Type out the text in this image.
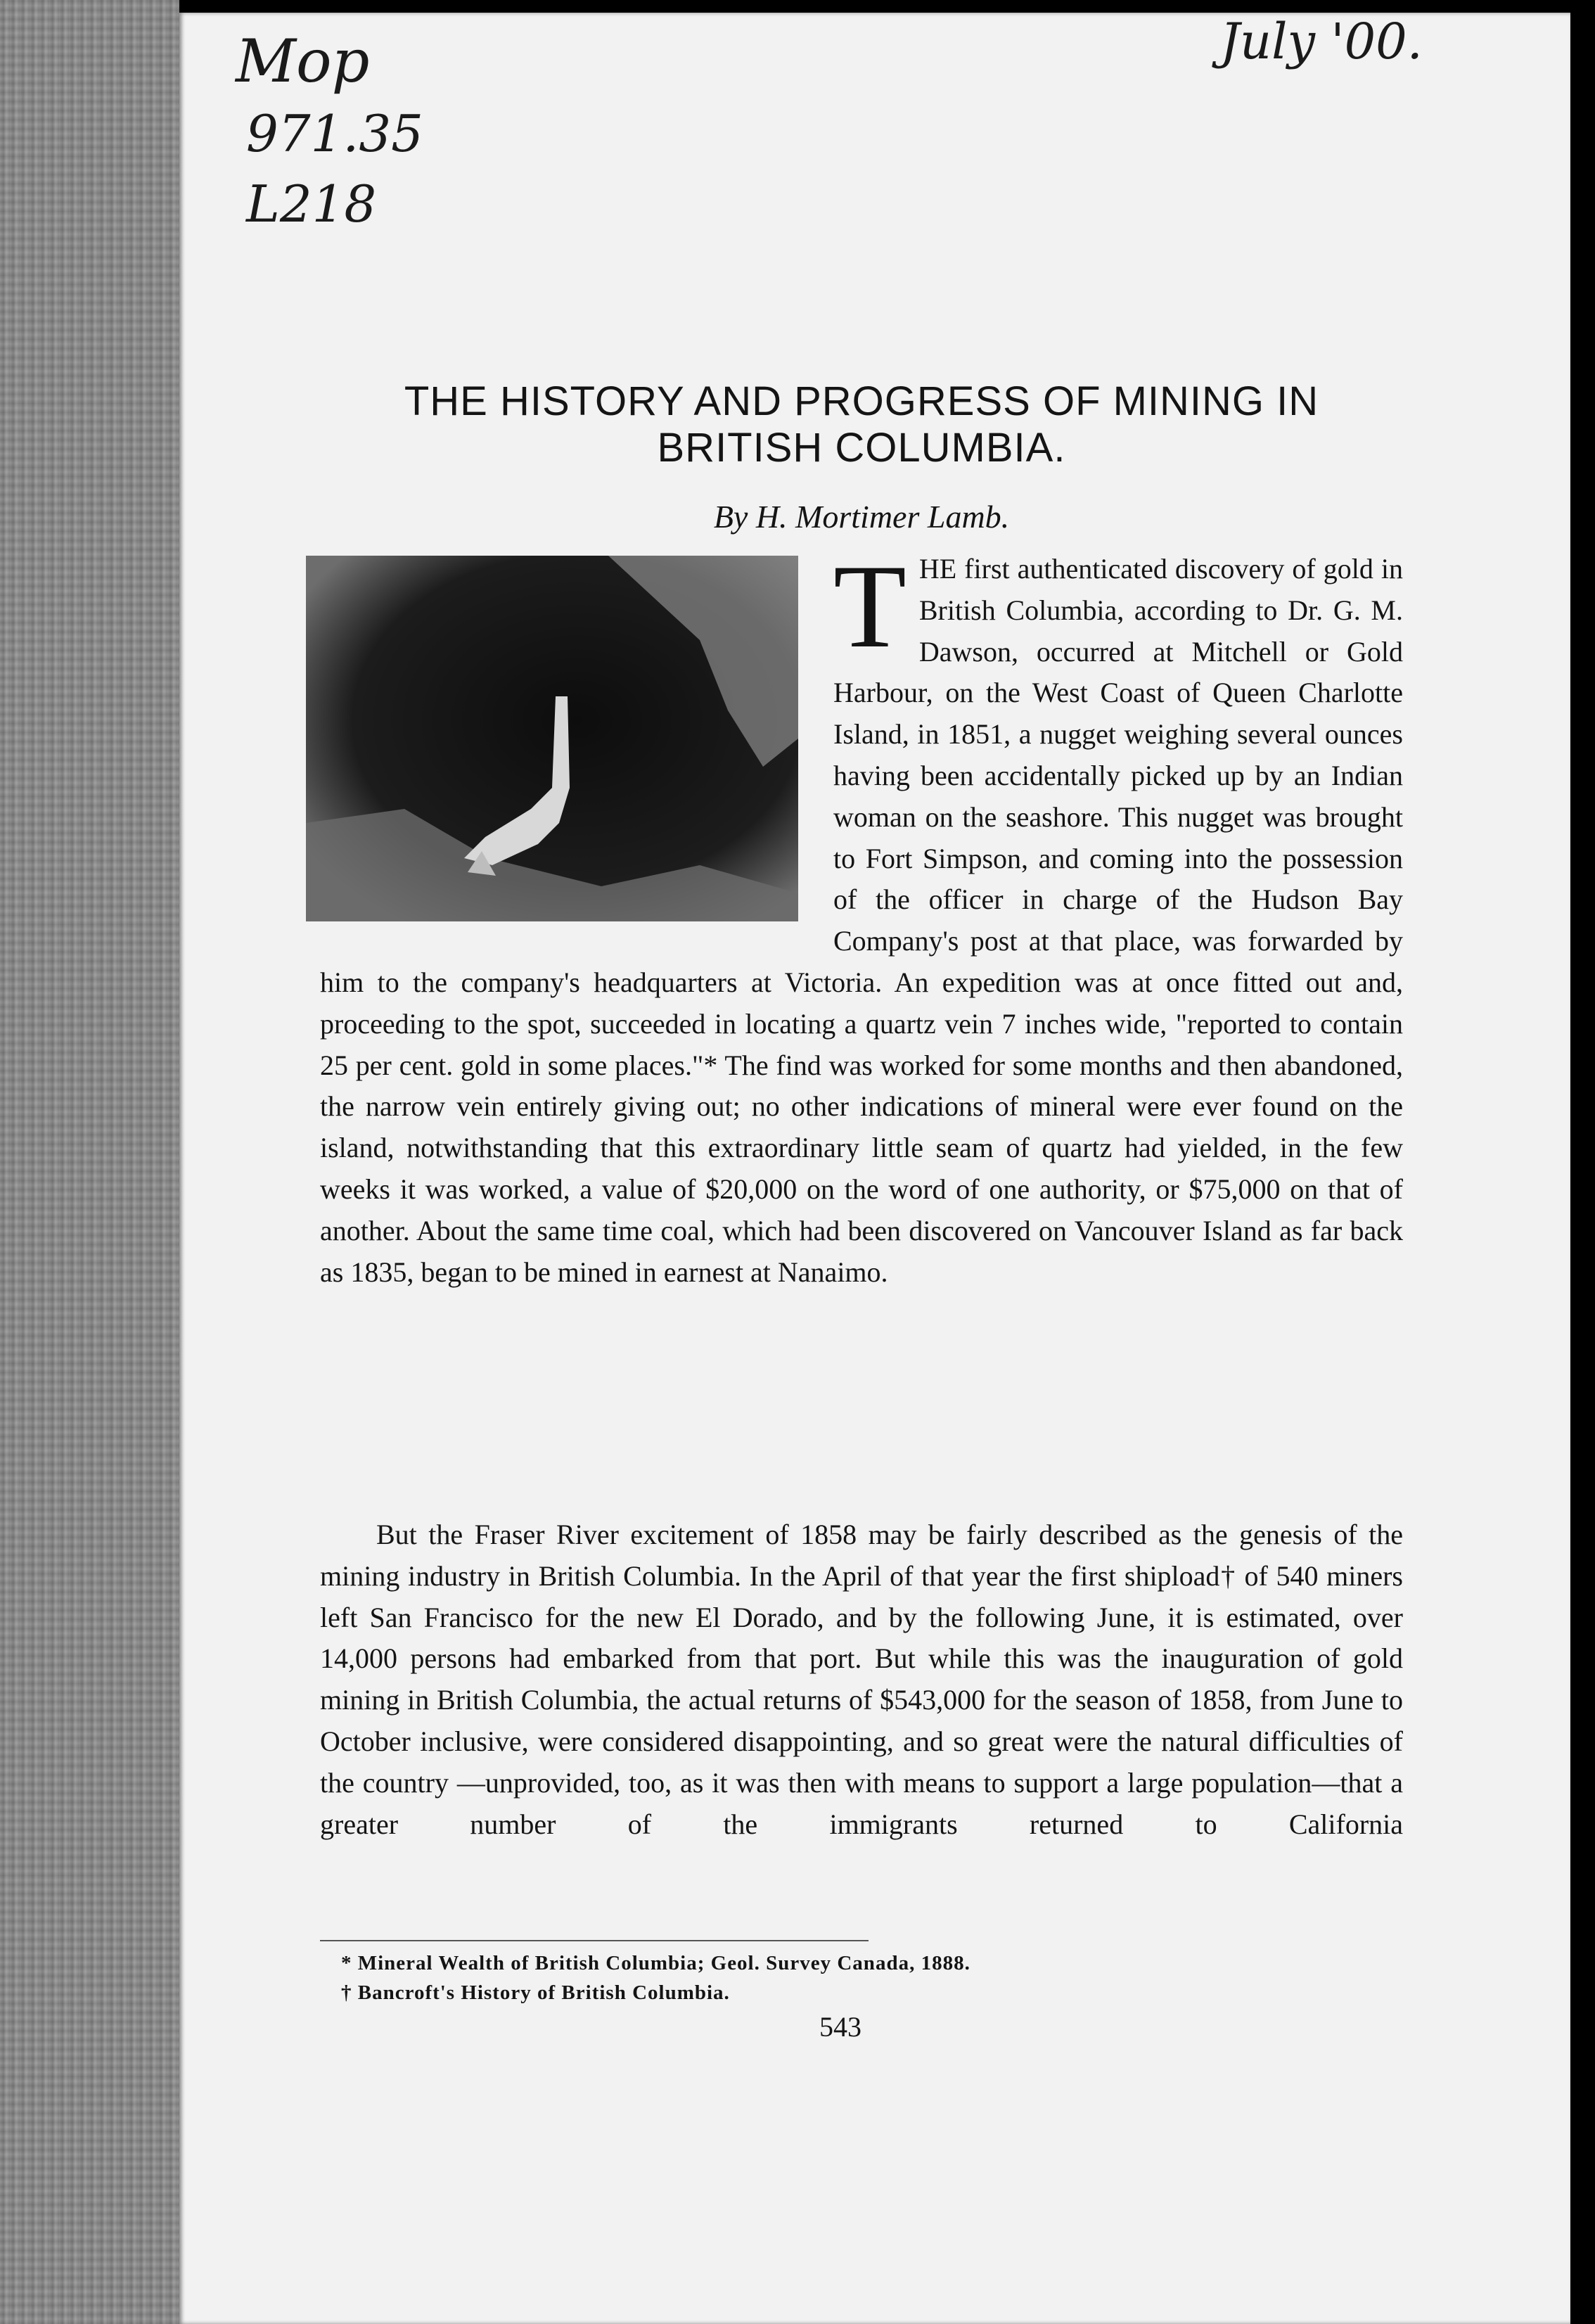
Mop
971.35
L218
July '00.
THE HISTORY AND PROGRESS OF MINING IN BRITISH COLUMBIA.

By H. Mortimer Lamb.

T HE first authenticated discovery of gold in British Columbia, according to Dr. G. M. Dawson, occurred at Mitchell or Gold Harbour, on the West Coast of Queen Charlotte Island, in 1851, a nugget weighing several ounces having been accidentally picked up by an Indian woman on the seashore. This nugget was brought to Fort Simpson, and coming into the possession of the officer in charge of the Hudson Bay Company's post at that place, was forwarded by him to the company's headquarters at Victoria. An expedition was at once fitted out and, proceeding to the spot, succeeded in locating a quartz vein 7 inches wide, "reported to contain 25 per cent. gold in some places."* The find was worked for some months and then abandoned, the narrow vein entirely giving out; no other indications of mineral were ever found on the island, notwithstanding that this extraordinary little seam of quartz had yielded, in the few weeks it was worked, a value of $20,000 on the word of one authority, or $75,000 on that of another. About the same time coal, which had been discovered on Vancouver Island as far back as 1835, began to be mined in earnest at Nanaimo.

But the Fraser River excitement of 1858 may be fairly described as the genesis of the mining industry in British Columbia. In the April of that year the first shipload† of 540 miners left San Francisco for the new El Dorado, and by the following June, it is estimated, over 14,000 persons had embarked from that port. But while this was the inauguration of gold mining in British Columbia, the actual returns of $543,000 for the season of 1858, from June to October inclusive, were considered disappointing, and so great were the natural difficulties of the country —unprovided, too, as it was then with means to support a large population—that a greater number of the immigrants returned to California

* Mineral Wealth of British Columbia; Geol. Survey Canada, 1888.
† Bancroft's History of British Columbia.
543
